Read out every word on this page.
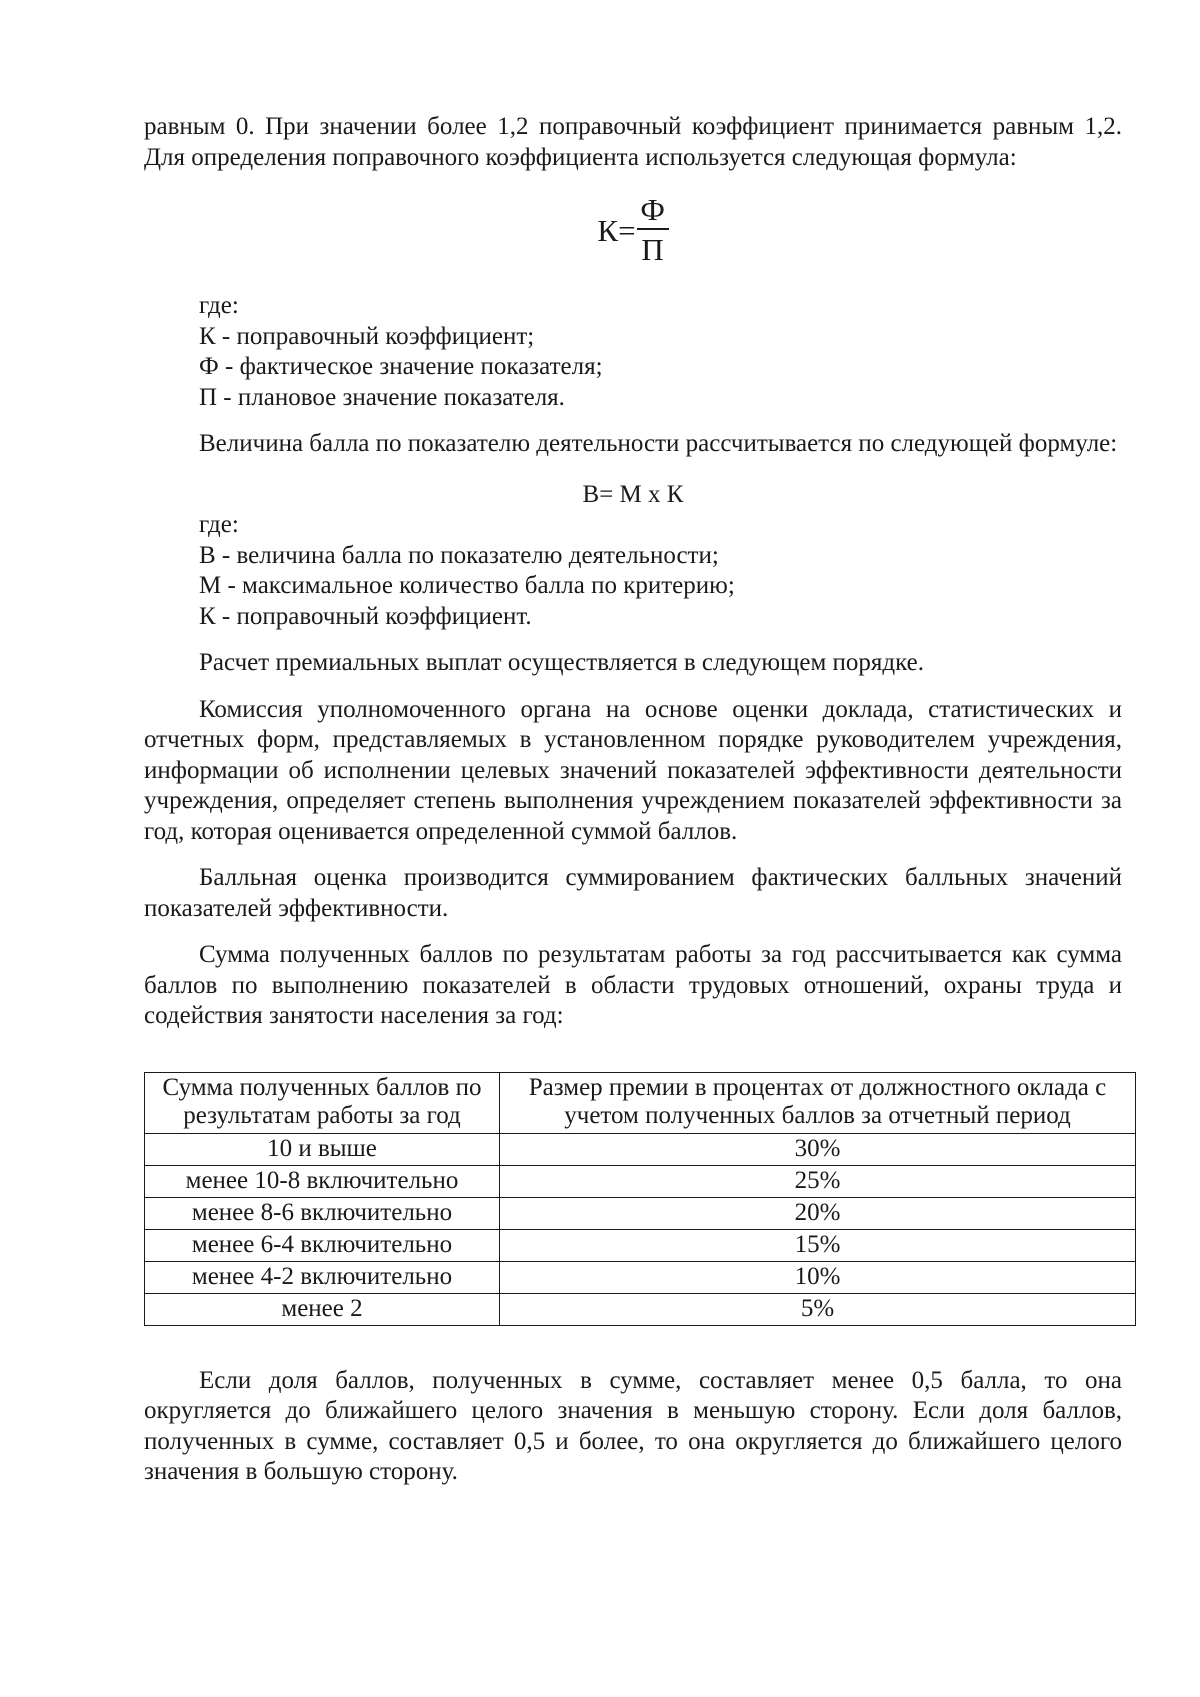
равным 0. При значении более 1,2 поправочный коэффициент принимается равным 1,2. Для определения поправочного коэффициента используется следующая формула:

$К= \frac{Ф}{П}$

где:

К - поправочный коэффициент;

Ф - фактическое значение показателя;

П - плановое значение показателя.

Величина балла по показателю деятельности рассчитывается по следующей формуле:

В= М х К

где:

В - величина балла по показателю деятельности;

М - максимальное количество балла по критерию;

К - поправочный коэффициент.

Расчет премиальных выплат осуществляется в следующем порядке.

Комиссия уполномоченного органа на основе оценки доклада, статистических и отчетных форм, представляемых в установленном порядке руководителем учреждения, информации об исполнении целевых значений показателей эффективности деятельности учреждения, определяет степень выполнения учреждением показателей эффективности за год, которая оценивается определенной суммой баллов.

Балльная оценка производится суммированием фактических балльных значений показателей эффективности.

Сумма полученных баллов по результатам работы за год рассчитывается как сумма баллов по выполнению показателей в области трудовых отношений, охраны труда и содействия занятости населения за год:

Сумма полученных баллов по результатам работы за год	Размер премии в процентах от должностного оклада с учетом полученных баллов за отчетный период
10 и выше	30%
менее 10-8 включительно	25%
менее 8-6 включительно	20%
менее 6-4 включительно	15%
менее 4-2 включительно	10%
менее 2	5%

Если доля баллов, полученных в сумме, составляет менее 0,5 балла, то она округляется до ближайшего целого значения в меньшую сторону. Если доля баллов, полученных в сумме, составляет 0,5 и более, то она округляется до ближайшего целого значения в большую сторону.
